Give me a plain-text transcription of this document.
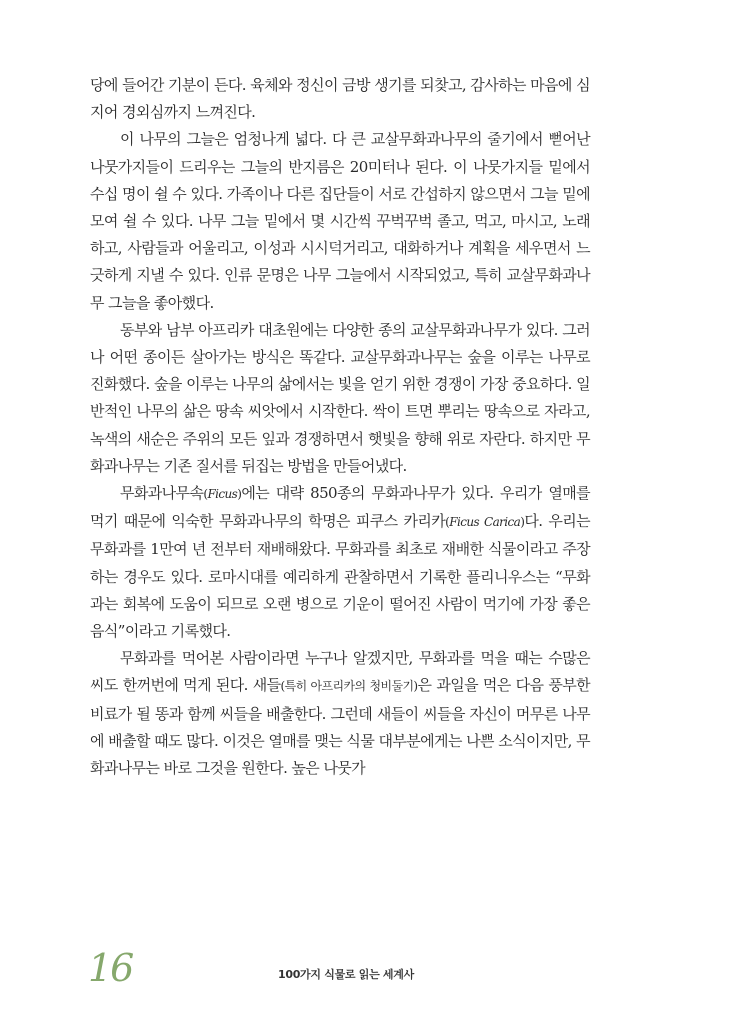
당에 들어간 기분이 든다. 육체와 정신이 금방 생기를 되찾고, 감사하는 마음에 심지어 경외심까지 느껴진다.

이 나무의 그늘은 엄청나게 넓다. 다 큰 교살무화과나무의 줄기에서 뻗어난 나뭇가지들이 드리우는 그늘의 반지름은 20미터나 된다. 이 나뭇가지들 밑에서 수십 명이 쉴 수 있다. 가족이나 다른 집단들이 서로 간섭하지 않으면서 그늘 밑에 모여 쉴 수 있다. 나무 그늘 밑에서 몇 시간씩 꾸벅꾸벅 졸고, 먹고, 마시고, 노래하고, 사람들과 어울리고, 이성과 시시덕거리고, 대화하거나 계획을 세우면서 느긋하게 지낼 수 있다. 인류 문명은 나무 그늘에서 시작되었고, 특히 교살무화과나무 그늘을 좋아했다.

동부와 남부 아프리카 대초원에는 다양한 종의 교살무화과나무가 있다. 그러나 어떤 종이든 살아가는 방식은 똑같다. 교살무화과나무는 숲을 이루는 나무로 진화했다. 숲을 이루는 나무의 삶에서는 빛을 얻기 위한 경쟁이 가장 중요하다. 일반적인 나무의 삶은 땅속 씨앗에서 시작한다. 싹이 트면 뿌리는 땅속으로 자라고, 녹색의 새순은 주위의 모든 잎과 경쟁하면서 햇빛을 향해 위로 자란다. 하지만 무화과나무는 기존 질서를 뒤집는 방법을 만들어냈다.

무화과나무속(Ficus)에는 대략 850종의 무화과나무가 있다. 우리가 열매를 먹기 때문에 익숙한 무화과나무의 학명은 피쿠스 카리카(Ficus Carica)다. 우리는 무화과를 1만여 년 전부터 재배해왔다. 무화과를 최초로 재배한 식물이라고 주장하는 경우도 있다. 로마시대를 예리하게 관찰하면서 기록한 플리니우스는 “무화과는 회복에 도움이 되므로 오랜 병으로 기운이 떨어진 사람이 먹기에 가장 좋은 음식”이라고 기록했다.

무화과를 먹어본 사람이라면 누구나 알겠지만, 무화과를 먹을 때는 수많은 씨도 한꺼번에 먹게 된다. 새들(특히 아프리카의 청비둘기)은 과일을 먹은 다음 풍부한 비료가 될 똥과 함께 씨들을 배출한다. 그런데 새들이 씨들을 자신이 머무른 나무에 배출할 때도 많다. 이것은 열매를 맺는 식물 대부분에게는 나쁜 소식이지만, 무화과나무는 바로 그것을 원한다. 높은 나뭇가

16	100가지 식물로 읽는 세계사
